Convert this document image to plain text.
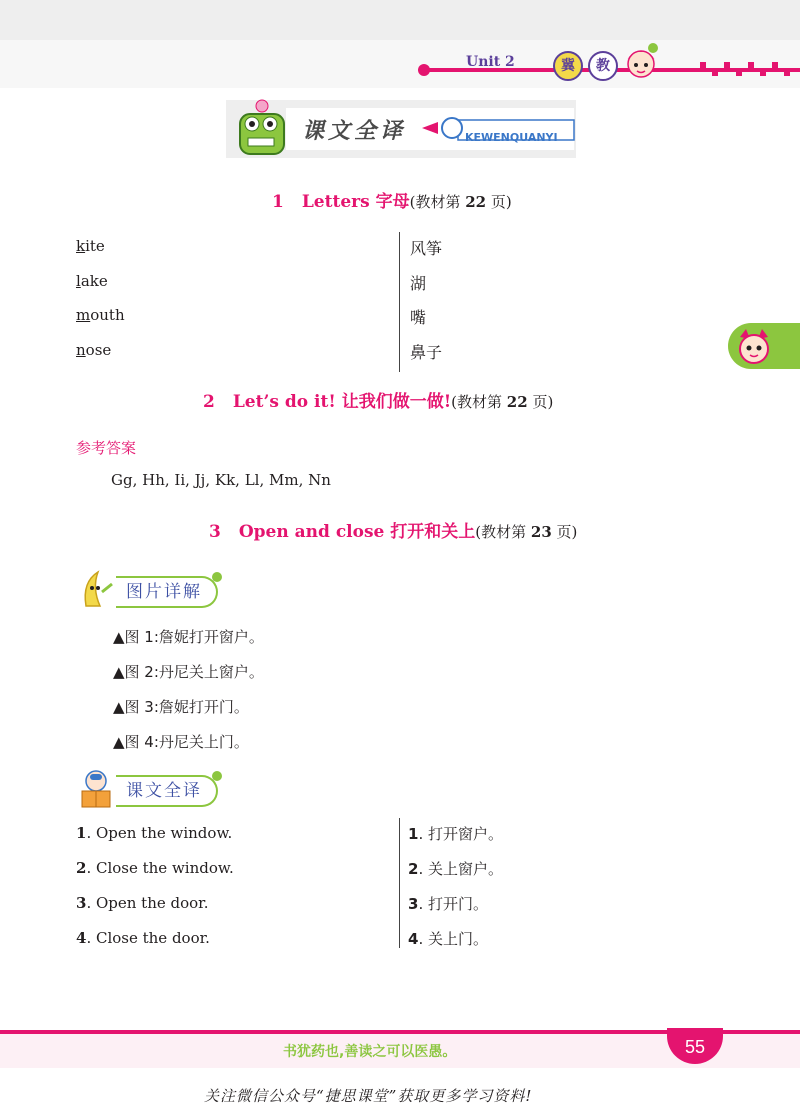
Unit 2	冀	教
课文全译	KEWENQUANYI
1 Letters 字母(教材第 22 页)
kite	风筝
lake	湖
mouth	嘴
nose	鼻子
2 Let’s do it! 让我们做一做!(教材第 22 页)
参考答案
Gg, Hh, Ii, Jj, Kk, Ll, Mm, Nn
3 Open and close 打开和关上(教材第 23 页)
图片详解
▲图 1:詹妮打开窗户。
▲图 2:丹尼关上窗户。
▲图 3:詹妮打开门。
▲图 4:丹尼关上门。
课文全译
1. Open the window.	1. 打开窗户。
2. Close the window.	2. 关上窗户。
3. Open the door.	3. 打开门。
4. Close the door.	4. 关上门。
书犹药也,善读之可以医愚。	55
关注微信公众号“捷思课堂”获取更多学习资料!
